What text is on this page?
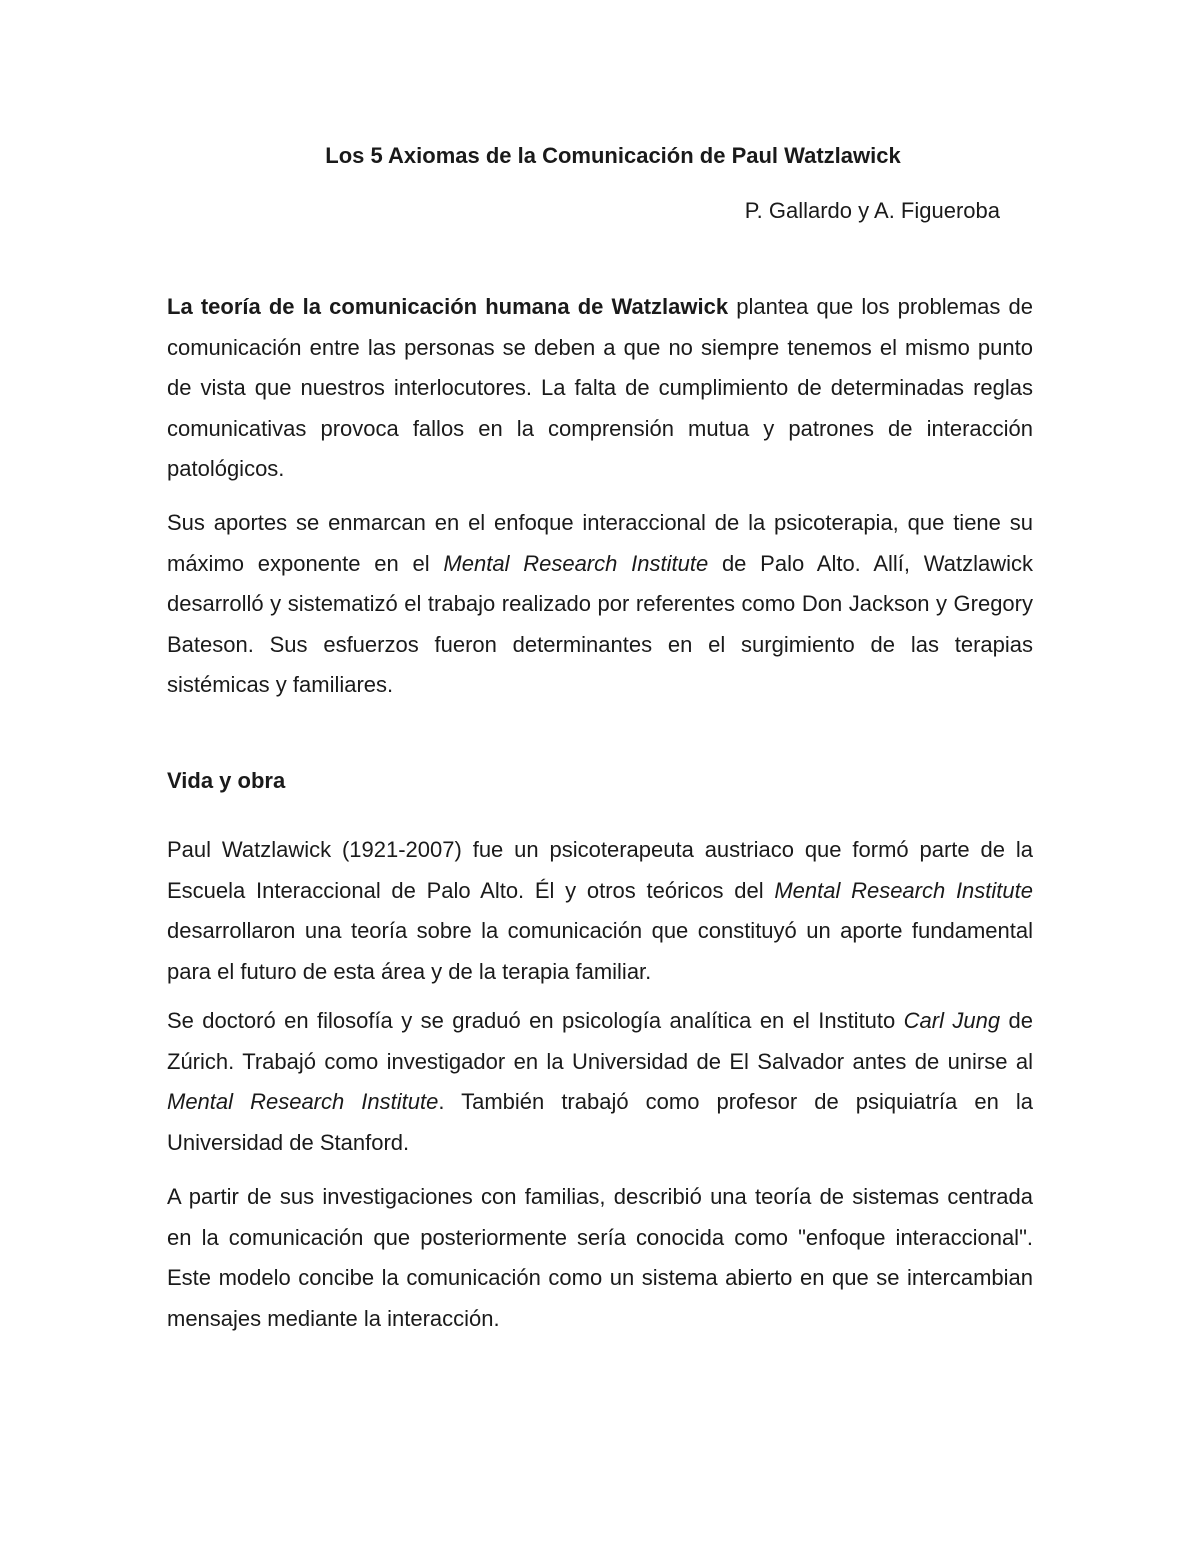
Los 5 Axiomas de la Comunicación de Paul Watzlawick

P. Gallardo y A. Figueroba

La teoría de la comunicación humana de Watzlawick plantea que los problemas de comunicación entre las personas se deben a que no siempre tenemos el mismo punto de vista que nuestros interlocutores. La falta de cumplimiento de determinadas reglas comunicativas provoca fallos en la comprensión mutua y patrones de interacción patológicos.

Sus aportes se enmarcan en el enfoque interaccional de la psicoterapia, que tiene su máximo exponente en el Mental Research Institute de Palo Alto. Allí, Watzlawick desarrolló y sistematizó el trabajo realizado por referentes como Don Jackson y Gregory Bateson. Sus esfuerzos fueron determinantes en el surgimiento de las terapias sistémicas y familiares.

Vida y obra

Paul Watzlawick (1921-2007) fue un psicoterapeuta austriaco que formó parte de la Escuela Interaccional de Palo Alto. Él y otros teóricos del Mental Research Institute desarrollaron una teoría sobre la comunicación que constituyó un aporte fundamental para el futuro de esta área y de la terapia familiar.

Se doctoró en filosofía y se graduó en psicología analítica en el Instituto Carl Jung de Zúrich. Trabajó como investigador en la Universidad de El Salvador antes de unirse al Mental Research Institute. También trabajó como profesor de psiquiatría en la Universidad de Stanford.

A partir de sus investigaciones con familias, describió una teoría de sistemas centrada en la comunicación que posteriormente sería conocida como "enfoque interaccional". Este modelo concibe la comunicación como un sistema abierto en que se intercambian mensajes mediante la interacción.
